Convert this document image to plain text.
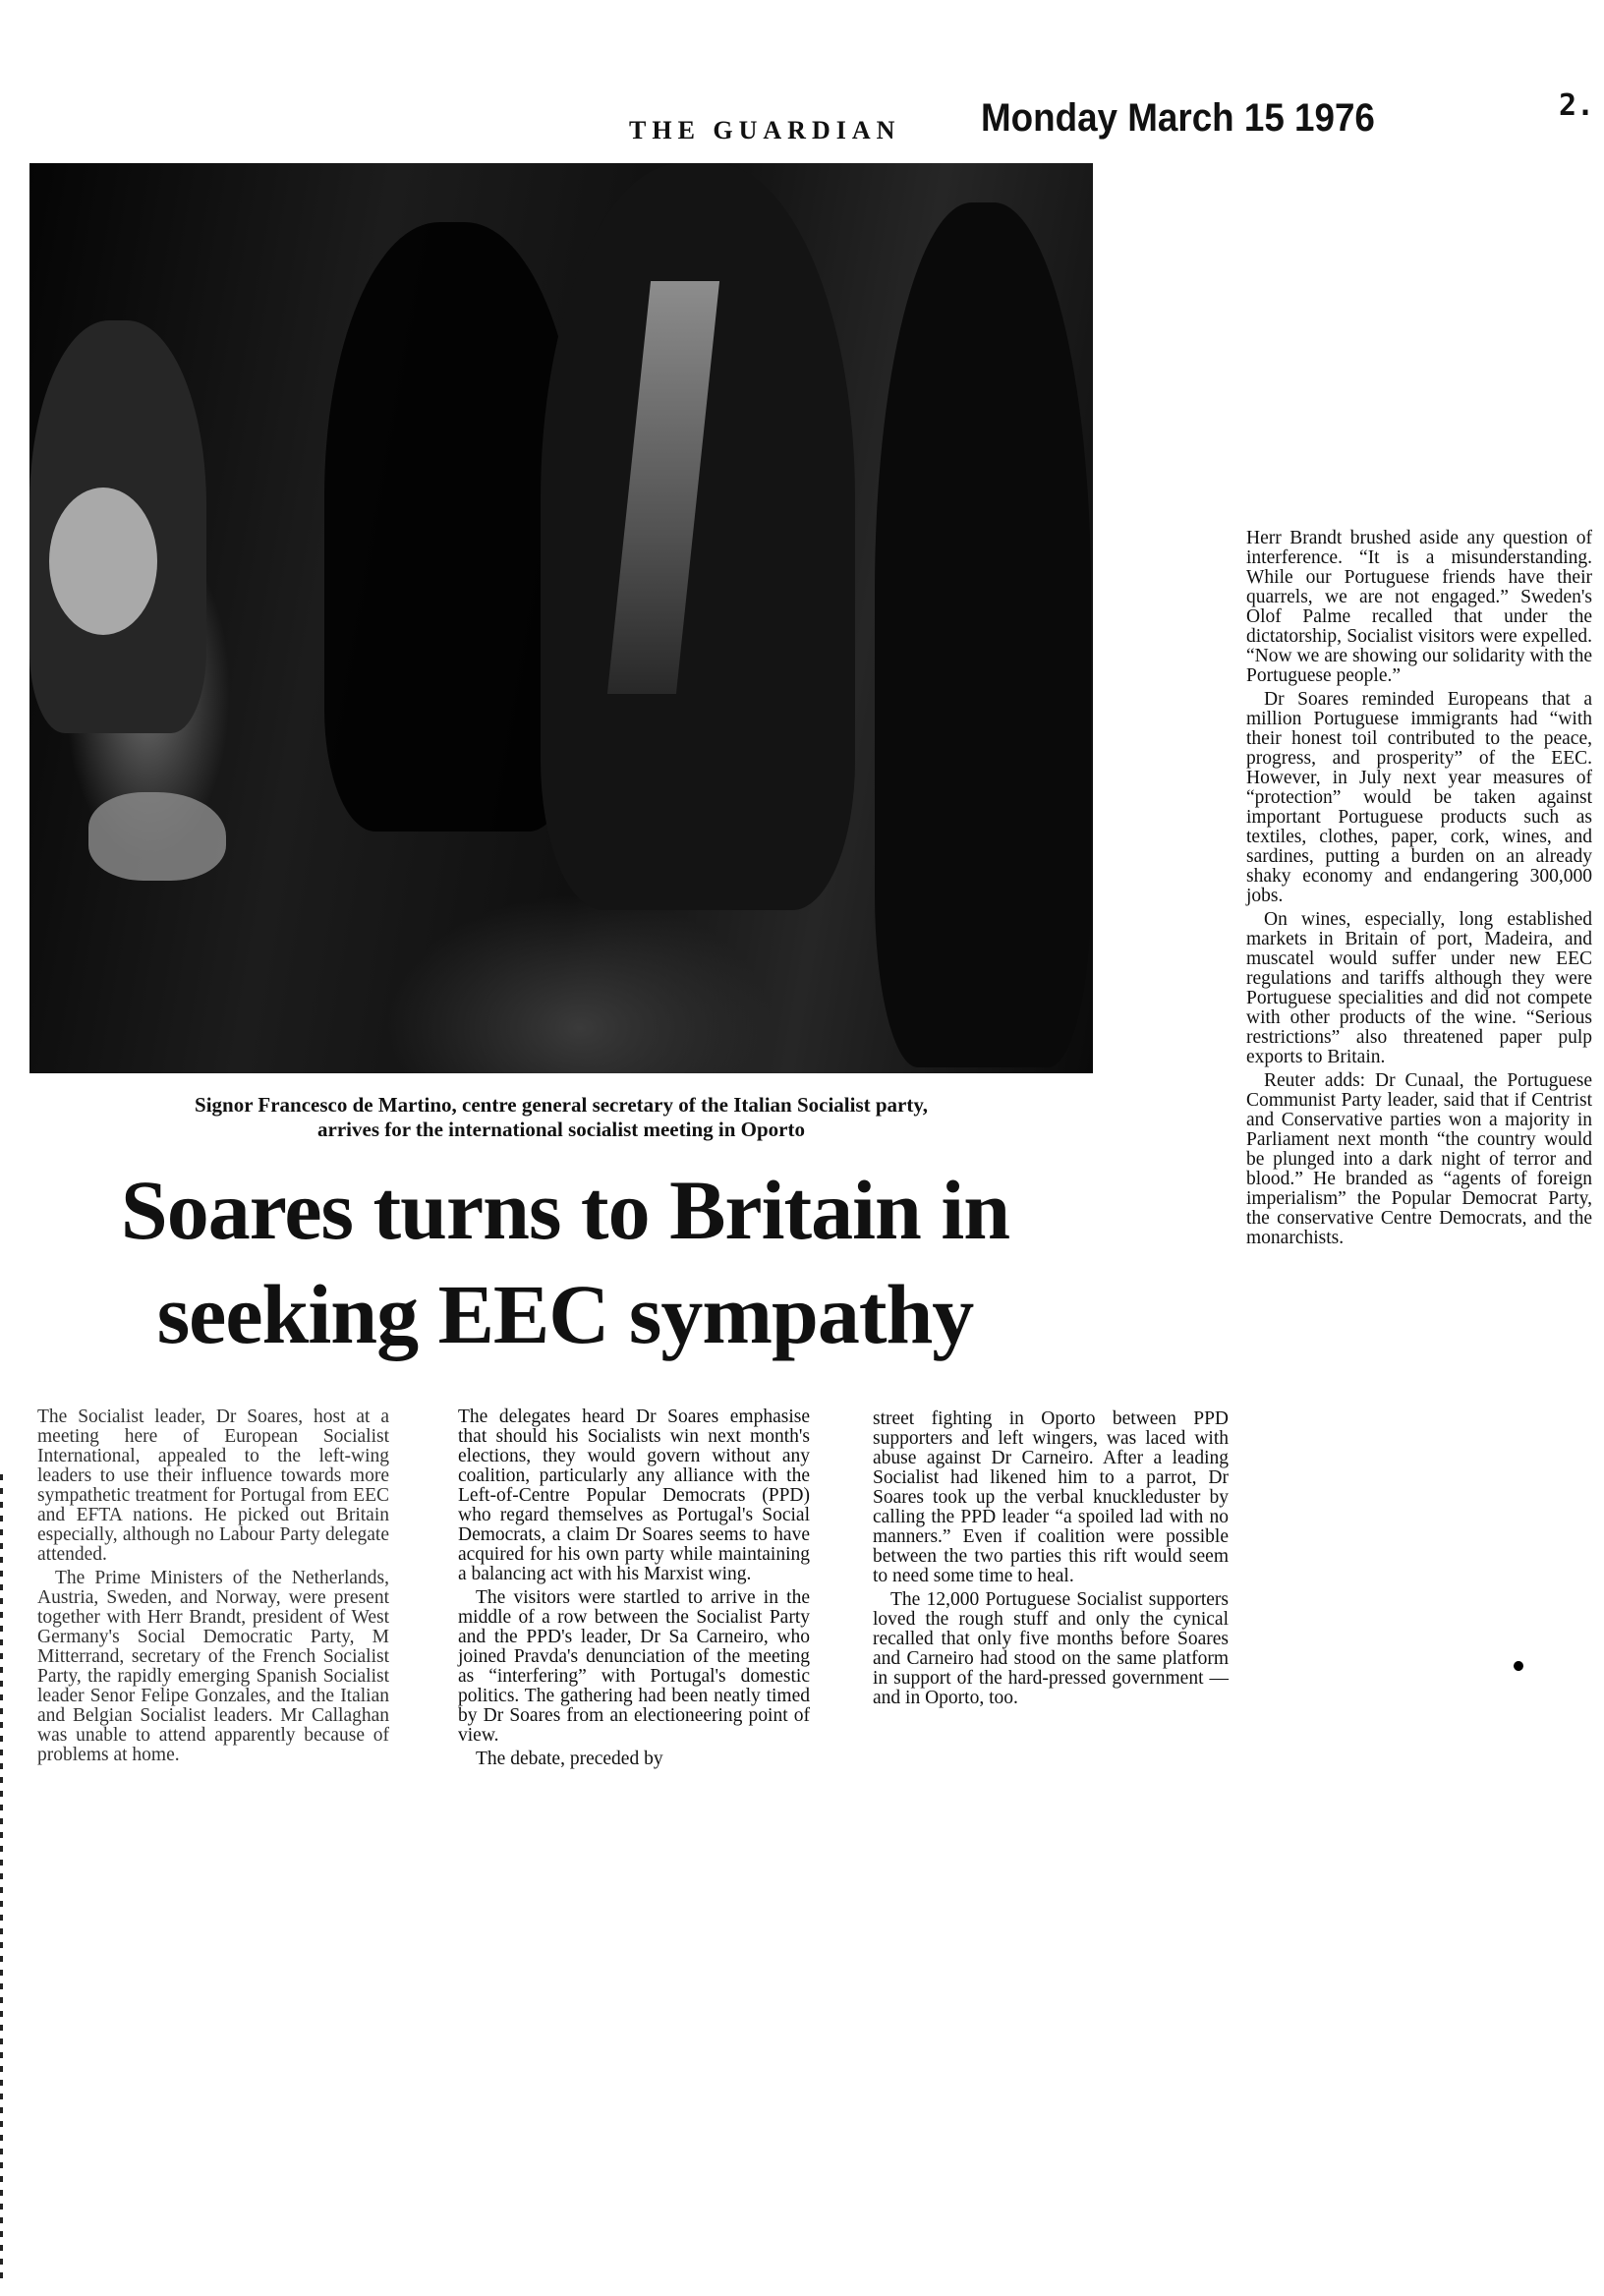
THE GUARDIAN Monday March 15 1976	2.
Signor Francesco de Martino, centre general secretary of the Italian Socialist party,
arrives for the international socialist meeting in Oporto
Soares turns to Britain in
seeking EEC sympathy

The Socialist leader, Dr Soares, host at a meeting here of European Socialist International, appealed to the left-wing leaders to use their influence towards more sympathetic treatment for Portugal from EEC and EFTA nations. He picked out Britain especially, although no Labour Party delegate attended.

The Prime Ministers of the Netherlands, Austria, Sweden, and Norway, were present together with Herr Brandt, president of West Germany's Social Democratic Party, M Mitterrand, secretary of the French Socialist Party, the rapidly emerging Spanish Socialist leader Senor Felipe Gonzales, and the Italian and Belgian Socialist leaders. Mr Callaghan was unable to attend apparently because of problems at home.

The delegates heard Dr Soares emphasise that should his Socialists win next month's elections, they would govern without any coalition, particularly any alliance with the Left-of-Centre Popular Democrats (PPD) who regard themselves as Portugal's Social Democrats, a claim Dr Soares seems to have acquired for his own party while maintaining a balancing act with his Marxist wing.

The visitors were startled to arrive in the middle of a row between the Socialist Party and the PPD's leader, Dr Sa Carneiro, who joined Pravda's denunciation of the meeting as “interfering” with Portugal's domestic politics. The gathering had been neatly timed by Dr Soares from an electioneering point of view.

The debate, preceded by

street fighting in Oporto between PPD supporters and left wingers, was laced with abuse against Dr Carneiro. After a leading Socialist had likened him to a parrot, Dr Soares took up the verbal knuckleduster by calling the PPD leader “a spoiled lad with no manners.” Even if coalition were possible between the two parties this rift would seem to need some time to heal.

The 12,000 Portuguese Socialist supporters loved the rough stuff and only the cynical recalled that only five months before Soares and Carneiro had stood on the same platform in support of the hard-pressed government — and in Oporto, too.

Herr Brandt brushed aside any question of interference. “It is a misunderstanding. While our Portuguese friends have their quarrels, we are not engaged.” Sweden's Olof Palme recalled that under the dictatorship, Socialist visitors were expelled. “Now we are showing our solidarity with the Portuguese people.”

Dr Soares reminded Europeans that a million Portuguese immigrants had “with their honest toil contributed to the peace, progress, and prosperity” of the EEC. However, in July next year measures of “protection” would be taken against important Portuguese products such as textiles, clothes, paper, cork, wines, and sardines, putting a burden on an already shaky economy and endangering 300,000 jobs.

On wines, especially, long established markets in Britain of port, Madeira, and muscatel would suffer under new EEC regulations and tariffs although they were Portuguese specialities and did not compete with other products of the wine. “Serious restrictions” also threatened paper pulp exports to Britain.

Reuter adds: Dr Cunaal, the Portuguese Communist Party leader, said that if Centrist and Conservative parties won a majority in Parliament next month “the country would be plunged into a dark night of terror and blood.” He branded as “agents of foreign imperialism” the Popular Democrat Party, the conservative Centre Democrats, and the monarchists.
